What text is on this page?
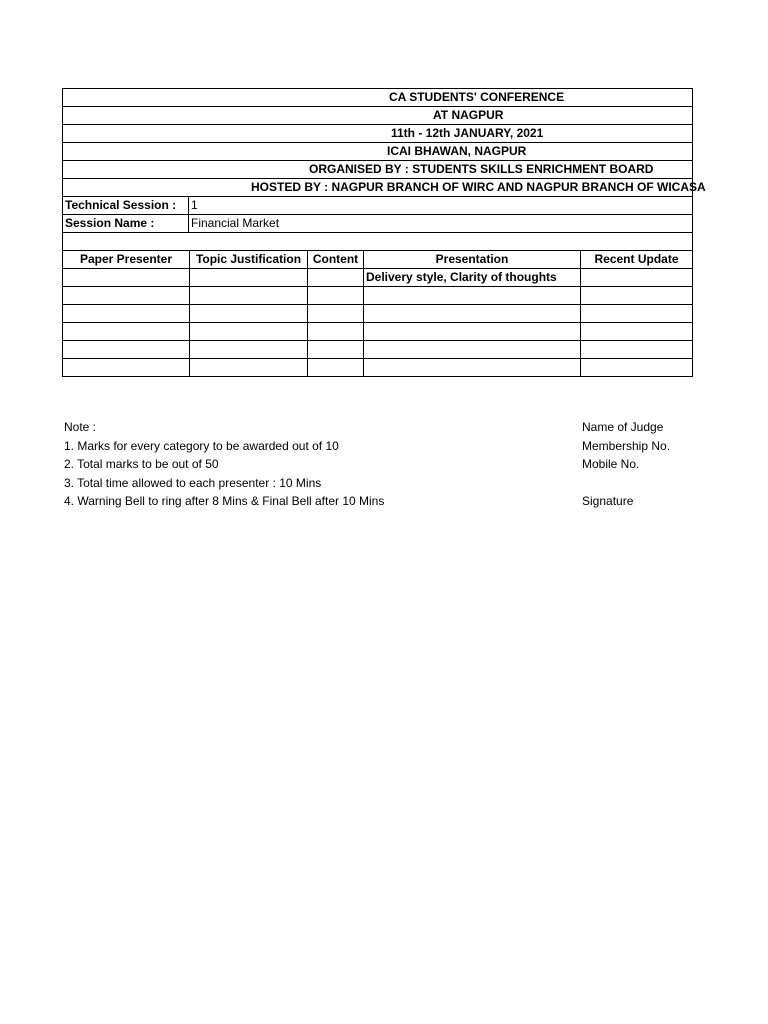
CA STUDENTS' CONFERENCE	

AT NAGPUR	

11th - 12th JANUARY, 2021	

ICAI BHAWAN, NAGPUR	

ORGANISED BY : STUDENTS SKILLS ENRICHMENT BOARD	

HOSTED BY : NAGPUR BRANCH OF WIRC AND NAGPUR BRANCH OF WICASA	

Technical Session :	1
Session Name :	Financial Market

Paper Presenter	Topic Justification	Content	Presentation	Recent Update
			Delivery style, Clarity of thoughts	

Note :
1. Marks for every category to be awarded out of 10
2. Total marks to be out of 50
3. Total time allowed to each presenter : 10 Mins
4. Warning Bell to ring after 8 Mins & Final Bell after 10 Mins
Name of Judge
Membership No.
Mobile No.
Signature
